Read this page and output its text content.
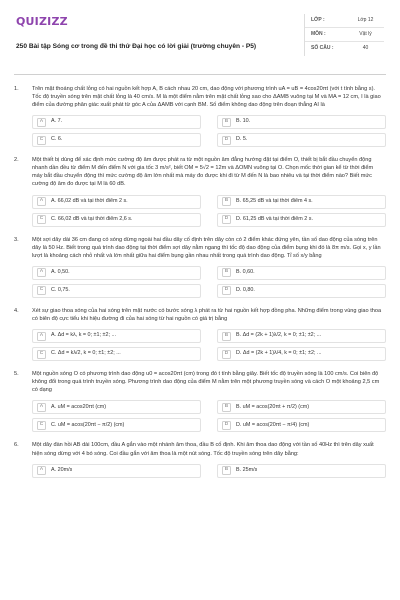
QUIZIZZ
250 Bài tập Sóng cơ trong đề thi thử Đại học có lời giải (trường chuyên - P5)
LỚP :	Lớp 12
MÔN :	Vật lý
SỐ CÂU :	40
1. Trên mặt thoáng chất lỏng có hai nguồn kết hợp A, B cách nhau 20 cm, dao động với phương trình uA = uB = 4cos20πt (với t tính bằng s). Tốc độ truyền sóng trên mặt chất lỏng là 40 cm/s. M là một điểm nằm trên mặt chất lỏng sao cho ΔAMB vuông tại M và MA = 12 cm, I là giao điểm của đường phân giác xuất phát từ góc A của ΔAMB với cạnh BM. Số điểm không dao động trên đoạn thẳng AI là
A	A. 7.	B	B. 10.
C	C. 6.	D	D. 5.
2. Một thiết bị dùng để xác định mức cường độ âm được phát ra từ một nguồn âm đẳng hướng đặt tại điểm O, thiết bị bắt đầu chuyển động nhanh dần đều từ điểm M đến điểm N với gia tốc 3 m/s², biết OM = 5√2 = 12m và ΔOMN vuông tại O. Chọn mốc thời gian kể từ thời điểm máy bắt đầu chuyển động thì mức cường độ âm lớn nhất mà máy đo được khi đi từ M đến N là bao nhiêu và tại thời điểm nào? Biết mức cường độ âm đo được tại M là 60 dB.
A	A. 66,02 dB và tại thời điểm 2 s.	B	B. 65,25 dB và tại thời điểm 4 s.
C	C. 66,02 dB và tại thời điểm 2,6 s.	D	D. 61,25 dB và tại thời điểm 2 s.
3. Một sợi dây dài 36 cm đang có sóng dừng ngoài hai đầu dây cố định trên dây còn có 2 điểm khác đứng yên, tần số dao động của sóng trên dây là 50 Hz. Biết trong quá trình dao động tại thời điểm sợi dây nằm ngang thì tốc độ dao động của điểm bụng khi đó là 8π m/s. Gọi x, y lần lượt là khoảng cách nhỏ nhất và lớn nhất giữa hai điểm bụng gần nhau nhất trong quá trình dao động. Tỉ số x/y bằng
A	A. 0,50.	B	B. 0,60.
C	C. 0,75.	D	D. 0,80.
4. Xét sự giao thoa sóng của hai sóng trên mặt nước có bước sóng λ phát ra từ hai nguồn kết hợp đồng pha. Những điểm trong vùng giao thoa có biên độ cực tiểu khi hiệu đường đi của hai sóng từ hai nguồn có giá trị bằng
A	A. Δd = kλ, k = 0; ±1; ±2; ...	B	B. Δd = (2k + 1)λ/2, k = 0; ±1; ±2; ...
C	C. Δd = kλ/2, k = 0; ±1; ±2; ...	D	D. Δd = (2k + 1)λ/4, k = 0; ±1; ±2; ...
5. Một nguồn sóng O có phương trình dao động u0 = acos20πt (cm) trong đó t tính bằng giây. Biết tốc độ truyền sóng là 100 cm/s. Coi biên độ không đổi trong quá trình truyền sóng. Phương trình dao động của điểm M nằm trên một phương truyền sóng và cách O một khoảng 2,5 cm có dạng
A	A. uM = acos20πt (cm)	B	B. uM = acos(20πt + π/2) (cm)
C	C. uM = acos(20πt − π/2) (cm)	D	D. uM = acos(20πt − π/4) (cm)
6. Một dây đàn hồi AB dài 100cm, đầu A gắn vào một nhánh âm thoa, đầu B cố định. Khi âm thoa dao động với tần số 40Hz thì trên dây xuất hiện sóng dừng với 4 bó sóng. Coi đầu gắn với âm thoa là một nút sóng. Tốc độ truyền sóng trên dây bằng:
A	A. 20m/s	B	B. 25m/s
